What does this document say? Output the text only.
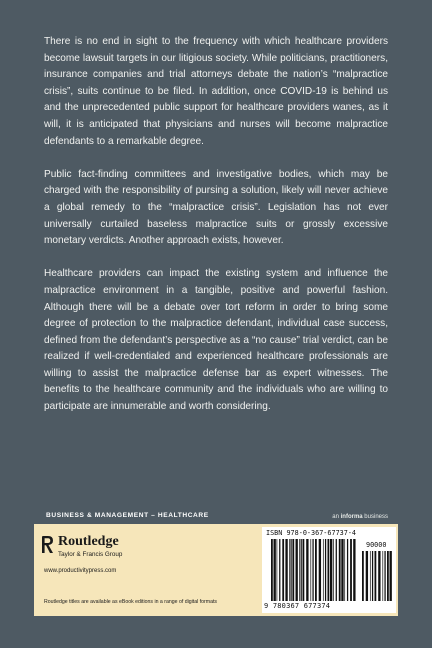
There is no end in sight to the frequency with which healthcare providers become lawsuit targets in our litigious society. While politicians, practitioners, insurance companies and trial attorneys debate the nation’s “malpractice crisis”, suits continue to be filed. In addition, once COVID-19 is behind us and the unprecedented public support for healthcare providers wanes, as it will, it is anticipated that physicians and nurses will become malpractice defendants to a remarkable degree.

Public fact-finding committees and investigative bodies, which may be charged with the responsibility of pursing a solution, likely will never achieve a global remedy to the “malpractice crisis”. Legislation has not ever universally curtailed baseless malpractice suits or grossly excessive monetary verdicts. Another approach exists, however.

Healthcare providers can impact the existing system and influence the malpractice environment in a tangible, positive and powerful fashion. Although there will be a debate over tort reform in order to bring some degree of protection to the malpractice defendant, individual case success, defined from the defendant’s perspective as a “no cause” trial verdict, can be realized if well-credentialed and experienced healthcare professionals are willing to assist the malpractice defense bar as expert witnesses. The benefits to the healthcare community and the individuals who are willing to participate are innumerable and worth considering.

BUSINESS & MANAGEMENT – HEALTHCARE	an informa business
Routledge
Taylor & Francis Group
www.productivitypress.com
Routledge titles are available as eBook editions in a range of digital formats
ISBN 978-0-367-67737-4
90000
9 780367 677374
